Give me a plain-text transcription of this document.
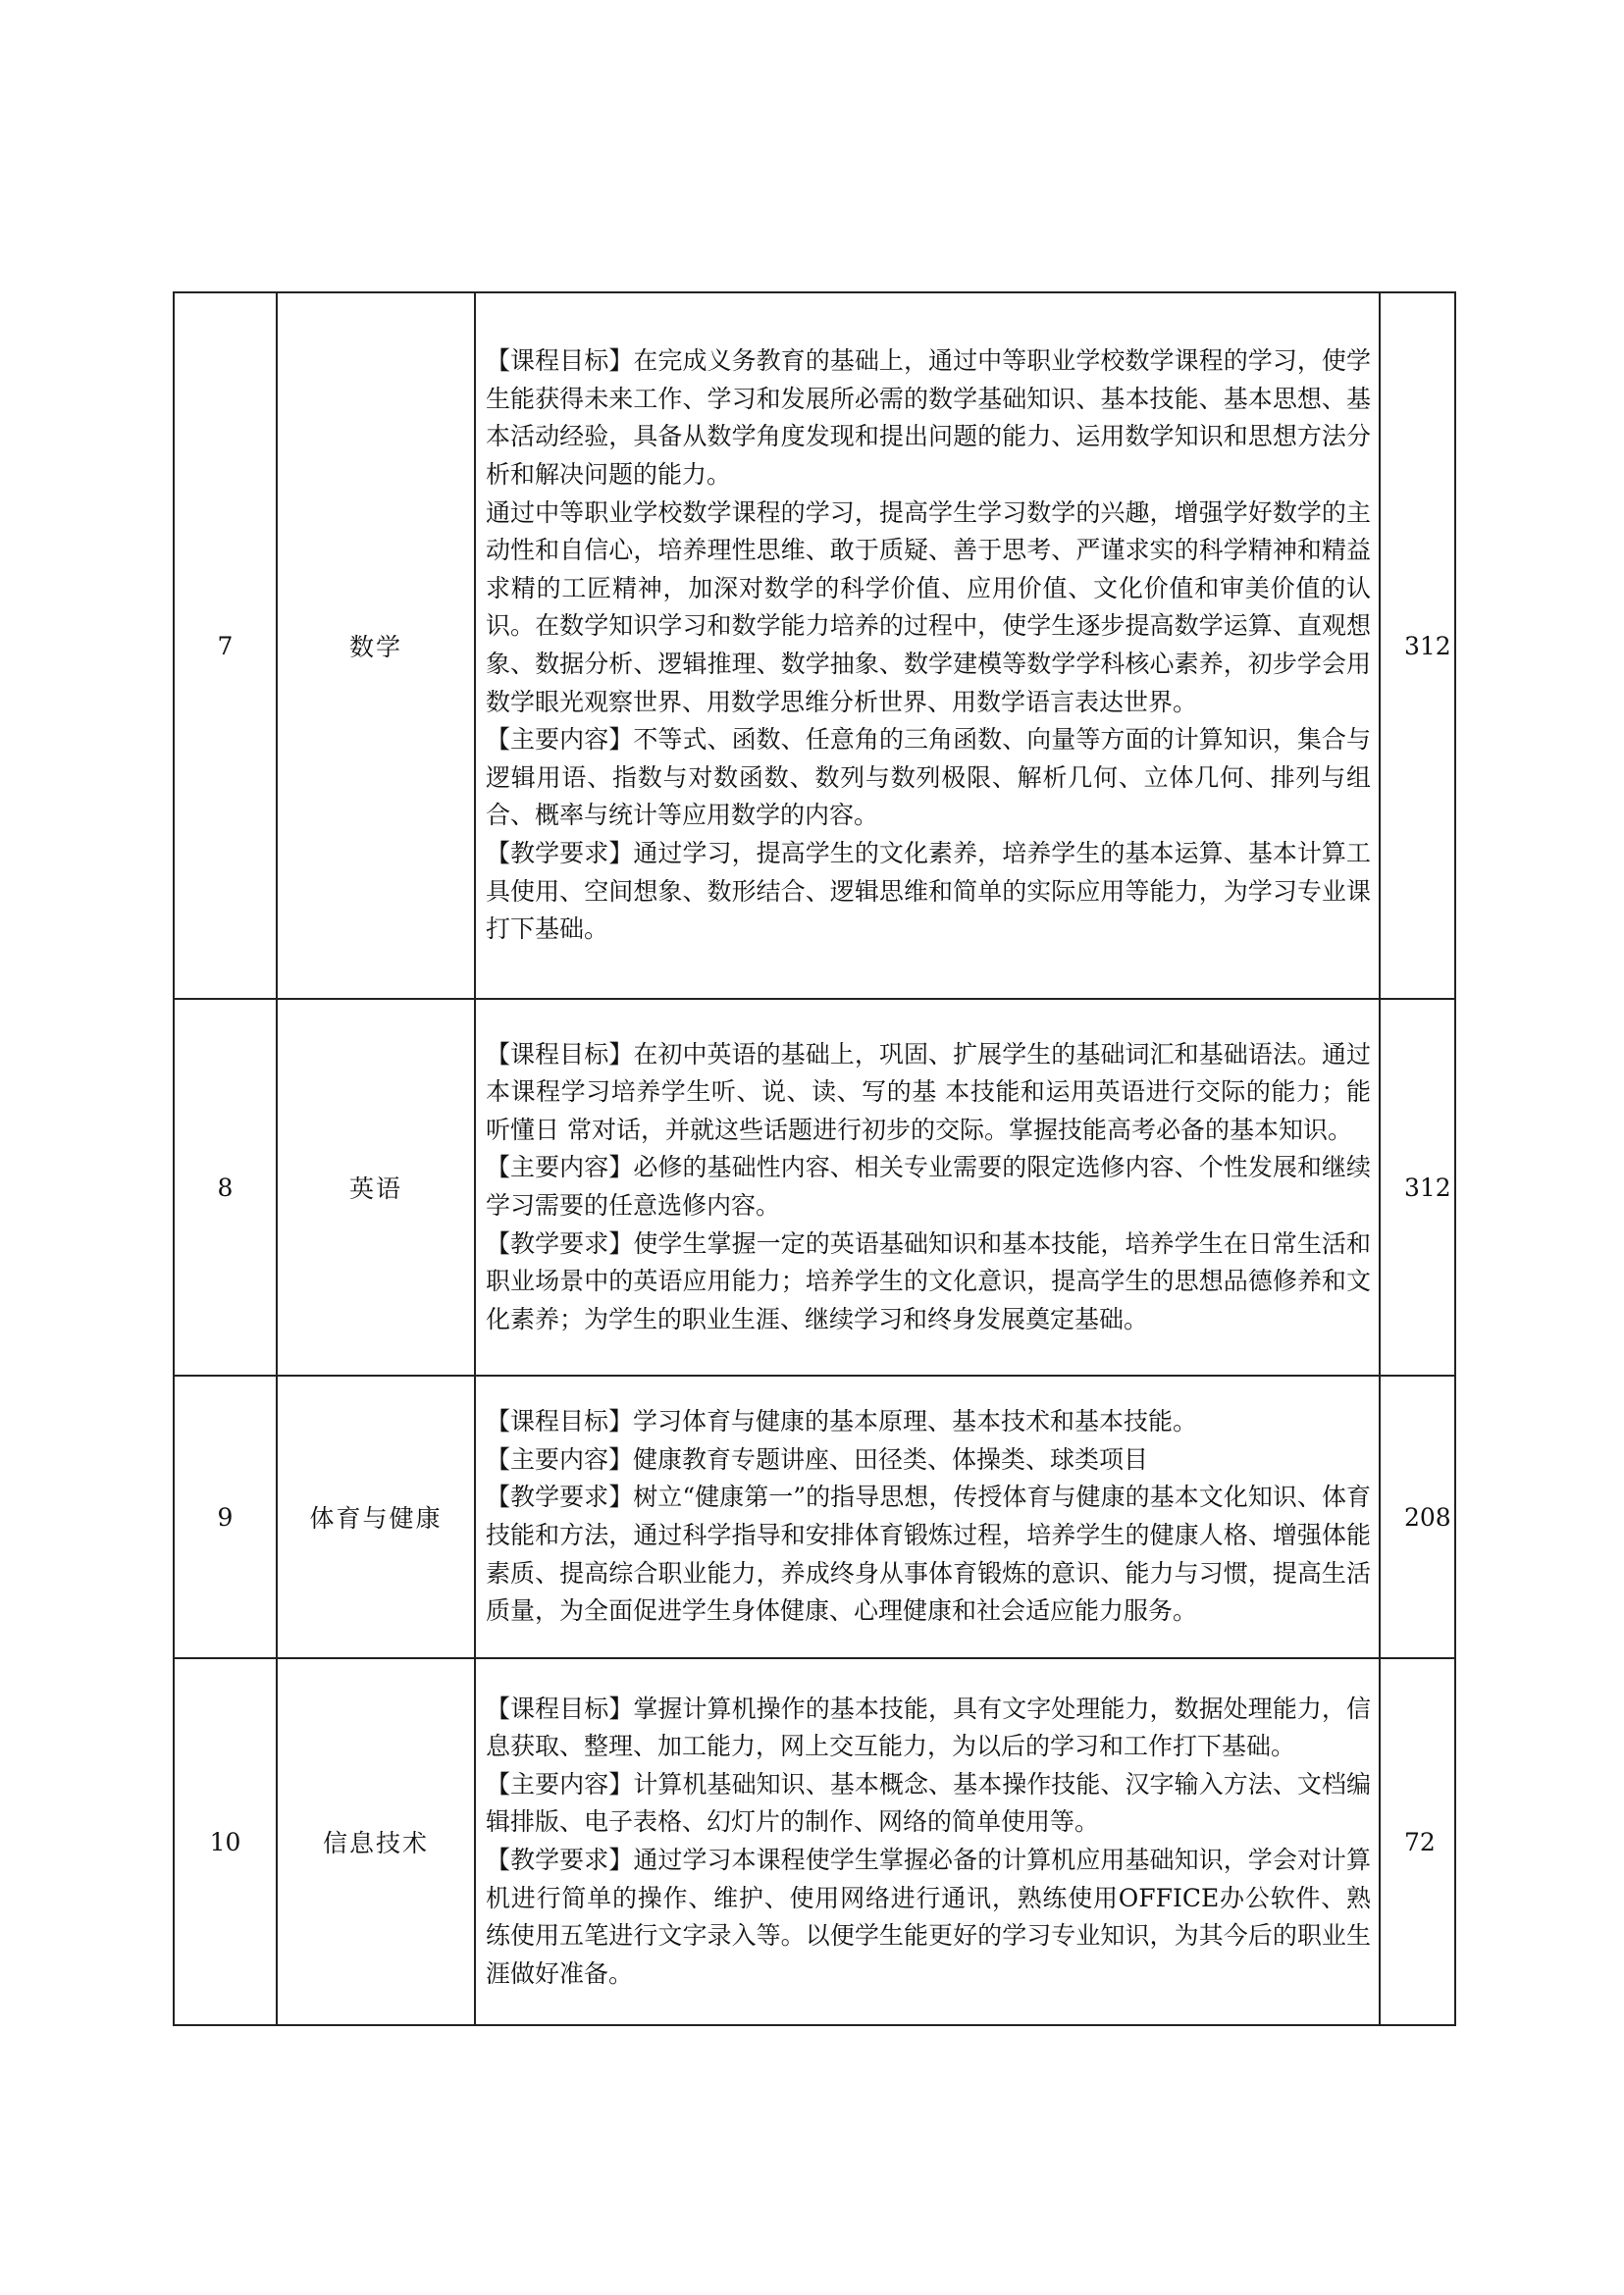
7	数学	【课程目标】在完成义务教育的基础上，通过中等职业学校数学课程的学习，使学生能获得未来工作、学习和发展所必需的数学基础知识、基本技能、基本思想、基本活动经验，具备从数学角度发现和提出问题的能力、运用数学知识和思想方法分析和解决问题的能力。
通过中等职业学校数学课程的学习，提高学生学习数学的兴趣，增强学好数学的主动性和自信心，培养理性思维、敢于质疑、善于思考、严谨求实的科学精神和精益求精的工匠精神，加深对数学的科学价值、应用价值、文化价值和审美价值的认识。在数学知识学习和数学能力培养的过程中，使学生逐步提高数学运算、直观想象、数据分析、逻辑推理、数学抽象、数学建模等数学学科核心素养，初步学会用数学眼光观察世界、用数学思维分析世界、用数学语言表达世界。
【主要内容】不等式、函数、任意角的三角函数、向量等方面的计算知识，集合与逻辑用语、指数与对数函数、数列与数列极限、解析几何、立体几何、排列与组合、概率与统计等应用数学的内容。
【教学要求】通过学习，提高学生的文化素养，培养学生的基本运算、基本计算工具使用、空间想象、数形结合、逻辑思维和简单的实际应用等能力，为学习专业课打下基础。	312
8	英语	【课程目标】在初中英语的基础上，巩固、扩展学生的基础词汇和基础语法。通过本课程学习培养学生听、说、读、写的基 本技能和运用英语进行交际的能力；能听懂日 常对话，并就这些话题进行初步的交际。掌握技能高考必备的基本知识。
【主要内容】必修的基础性内容、相关专业需要的限定选修内容、个性发展和继续学习需要的任意选修内容。
【教学要求】使学生掌握一定的英语基础知识和基本技能，培养学生在日常生活和职业场景中的英语应用能力；培养学生的文化意识，提高学生的思想品德修养和文化素养；为学生的职业生涯、继续学习和终身发展奠定基础。	312
9	体育与健康	【课程目标】学习体育与健康的基本原理、基本技术和基本技能。
【主要内容】健康教育专题讲座、田径类、体操类、球类项目
【教学要求】树立“健康第一”的指导思想，传授体育与健康的基本文化知识、体育技能和方法，通过科学指导和安排体育锻炼过程，培养学生的健康人格、增强体能素质、提高综合职业能力，养成终身从事体育锻炼的意识、能力与习惯，提高生活质量，为全面促进学生身体健康、心理健康和社会适应能力服务。	208
10	信息技术	【课程目标】掌握计算机操作的基本技能，具有文字处理能力，数据处理能力，信息获取、整理、加工能力，网上交互能力，为以后的学习和工作打下基础。
【主要内容】计算机基础知识、基本概念、基本操作技能、汉字输入方法、文档编辑排版、电子表格、幻灯片的制作、网络的简单使用等。
【教学要求】通过学习本课程使学生掌握必备的计算机应用基础知识，学会对计算机进行简单的操作、维护、使用网络进行通讯，熟练使用OFFICE办公软件、熟练使用五笔进行文字录入等。以便学生能更好的学习专业知识，为其今后的职业生涯做好准备。	72
